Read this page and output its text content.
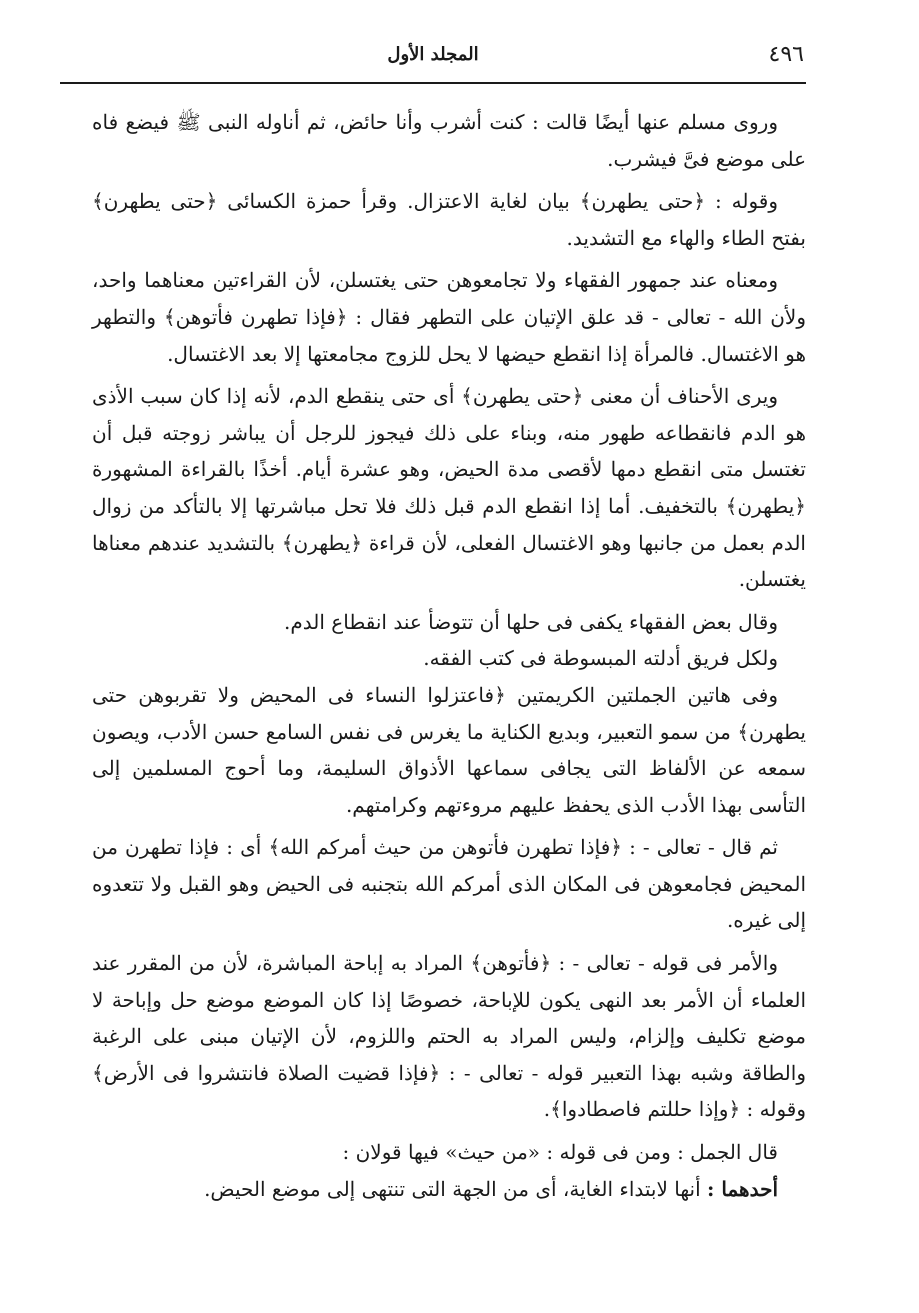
٤٩٦
المجلد الأول

وروى مسلم عنها أيضًا قالت : كنت أشرب وأنا حائض، ثم أناوله النبى ﷺ فيضع فاه على موضع فىَّ فيشرب.

وقوله : ﴿حتى يطهرن﴾ بيان لغاية الاعتزال. وقرأ حمزة الكسائى ﴿حتى يطهرن﴾ بفتح الطاء والهاء مع التشديد.

ومعناه عند جمهور الفقهاء ولا تجامعوهن حتى يغتسلن، لأن القراءتين معناهما واحد، ولأن الله - تعالى - قد علق الإتيان على التطهر فقال : ﴿فإذا تطهرن فأتوهن﴾ والتطهر هو الاغتسال. فالمرأة إذا انقطع حيضها لا يحل للزوج مجامعتها إلا بعد الاغتسال.

ويرى الأحناف أن معنى ﴿حتى يطهرن﴾ أى حتى ينقطع الدم، لأنه إذا كان سبب الأذى هو الدم فانقطاعه طهور منه، وبناء على ذلك فيجوز للرجل أن يباشر زوجته قبل أن تغتسل متى انقطع دمها لأقصى مدة الحيض، وهو عشرة أيام. أخذًا بالقراءة المشهورة ﴿يطهرن﴾ بالتخفيف. أما إذا انقطع الدم قبل ذلك فلا تحل مباشرتها إلا بالتأكد من زوال الدم بعمل من جانبها وهو الاغتسال الفعلى، لأن قراءة ﴿يطهرن﴾ بالتشديد عندهم معناها يغتسلن.

وقال بعض الفقهاء يكفى فى حلها أن تتوضأ عند انقطاع الدم.

ولكل فريق أدلته المبسوطة فى كتب الفقه.

وفى هاتين الجملتين الكريمتين ﴿فاعتزلوا النساء فى المحيض ولا تقربوهن حتى يطهرن﴾ من سمو التعبير، وبديع الكناية ما يغرس فى نفس السامع حسن الأدب، ويصون سمعه عن الألفاظ التى يجافى سماعها الأذواق السليمة، وما أحوج المسلمين إلى التأسى بهذا الأدب الذى يحفظ عليهم مروءتهم وكرامتهم.

ثم قال - تعالى - : ﴿فإذا تطهرن فأتوهن من حيث أمركم الله﴾ أى : فإذا تطهرن من المحيض فجامعوهن فى المكان الذى أمركم الله بتجنبه فى الحيض وهو القبل ولا تتعدوه إلى غيره.

والأمر فى قوله - تعالى - : ﴿فأتوهن﴾ المراد به إباحة المباشرة، لأن من المقرر عند العلماء أن الأمر بعد النهى يكون للإباحة، خصوصًا إذا كان الموضع موضع حل وإباحة لا موضع تكليف وإلزام، وليس المراد به الحتم واللزوم، لأن الإتيان مبنى على الرغبة والطاقة وشبه بهذا التعبير قوله - تعالى - : ﴿فإذا قضيت الصلاة فانتشروا فى الأرض﴾ وقوله : ﴿وإذا حللتم فاصطادوا﴾.

قال الجمل : ومن فى قوله : «من حيث» فيها قولان :

أحدهما : أنها لابتداء الغاية، أى من الجهة التى تنتهى إلى موضع الحيض.
